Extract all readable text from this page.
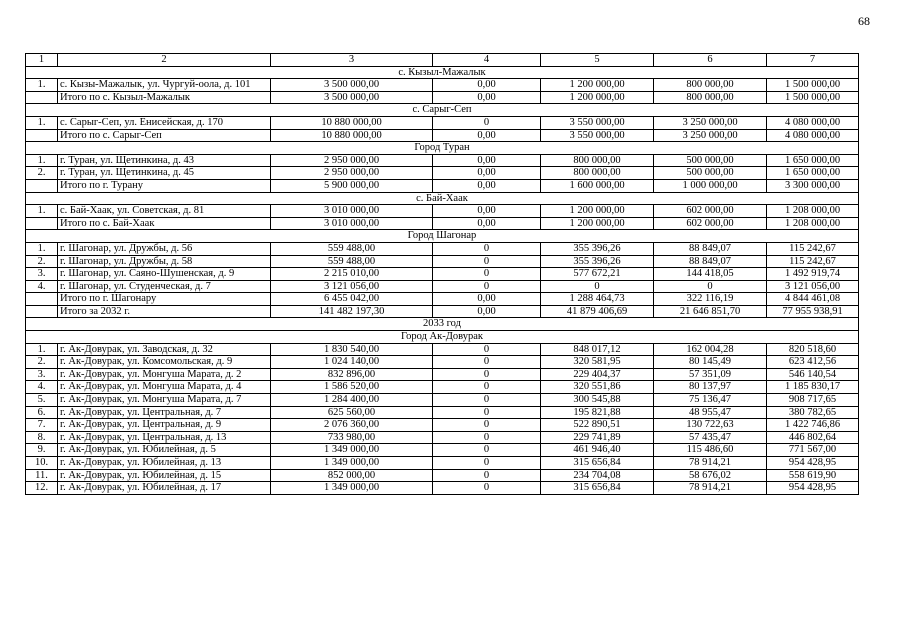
68
1	2	3	4	5	6	7
с. Кызыл-Мажалык						
1.	с. Кызы-Мажалык, ул. Чургуй-оола, д. 101	3 500 000,00	0,00	1 200 000,00	800 000,00	1 500 000,00
	Итого по с. Кызыл-Мажалык	3 500 000,00	0,00	1 200 000,00	800 000,00	1 500 000,00
с. Сарыг-Сеп						
1.	с. Сарыг-Сеп, ул. Енисейская, д. 170	10 880 000,00	0	3 550 000,00	3 250 000,00	4 080 000,00
	Итого по с. Сарыг-Сеп	10 880 000,00	0,00	3 550 000,00	3 250 000,00	4 080 000,00
Город Туран						
1.	г. Туран, ул. Щетинкина, д. 43	2 950 000,00	0,00	800 000,00	500 000,00	1 650 000,00
2.	г. Туран, ул. Щетинкина, д. 45	2 950 000,00	0,00	800 000,00	500 000,00	1 650 000,00
	Итого по г. Турану	5 900 000,00	0,00	1 600 000,00	1 000 000,00	3 300 000,00
с. Бай-Хаак						
1.	с. Бай-Хаак, ул. Советская, д. 81	3 010 000,00	0,00	1 200 000,00	602 000,00	1 208 000,00
	Итого по с. Бай-Хаак	3 010 000,00	0,00	1 200 000,00	602 000,00	1 208 000,00
Город Шагонар						
1.	г. Шагонар, ул. Дружбы, д. 56	559 488,00	0	355 396,26	88 849,07	115 242,67
2.	г. Шагонар, ул. Дружбы, д. 58	559 488,00	0	355 396,26	88 849,07	115 242,67
3.	г. Шагонар, ул. Саяно-Шушенская, д. 9	2 215 010,00	0	577 672,21	144 418,05	1 492 919,74
4.	г. Шагонар, ул. Студенческая, д. 7	3 121 056,00	0	0	0	3 121 056,00
	Итого по г. Шагонару	6 455 042,00	0,00	1 288 464,73	322 116,19	4 844 461,08
	Итого за 2032 г.	141 482 197,30	0,00	41 879 406,69	21 646 851,70	77 955 938,91
2033 год						
Город Ак-Довурак						
1.	г. Ак-Довурак, ул. Заводская, д. 32	1 830 540,00	0	848 017,12	162 004,28	820 518,60
2.	г. Ак-Довурак, ул. Комсомольская, д. 9	1 024 140,00	0	320 581,95	80 145,49	623 412,56
3.	г. Ак-Довурак, ул. Монгуша Марата, д. 2	832 896,00	0	229 404,37	57 351,09	546 140,54
4.	г. Ак-Довурак, ул. Монгуша Марата, д. 4	1 586 520,00	0	320 551,86	80 137,97	1 185 830,17
5.	г. Ак-Довурак, ул. Монгуша Марата, д. 7	1 284 400,00	0	300 545,88	75 136,47	908 717,65
6.	г. Ак-Довурак, ул. Центральная, д. 7	625 560,00	0	195 821,88	48 955,47	380 782,65
7.	г. Ак-Довурак, ул. Центральная, д. 9	2 076 360,00	0	522 890,51	130 722,63	1 422 746,86
8.	г. Ак-Довурак, ул. Центральная, д. 13	733 980,00	0	229 741,89	57 435,47	446 802,64
9.	г. Ак-Довурак, ул. Юбилейная, д. 5	1 349 000,00	0	461 946,40	115 486,60	771 567,00
10.	г. Ак-Довурак, ул. Юбилейная, д. 13	1 349 000,00	0	315 656,84	78 914,21	954 428,95
11.	г. Ак-Довурак, ул. Юбилейная, д. 15	852 000,00	0	234 704,08	58 676,02	558 619,90
12.	г. Ак-Довурак, ул. Юбилейная, д. 17	1 349 000,00	0	315 656,84	78 914,21	954 428,95
